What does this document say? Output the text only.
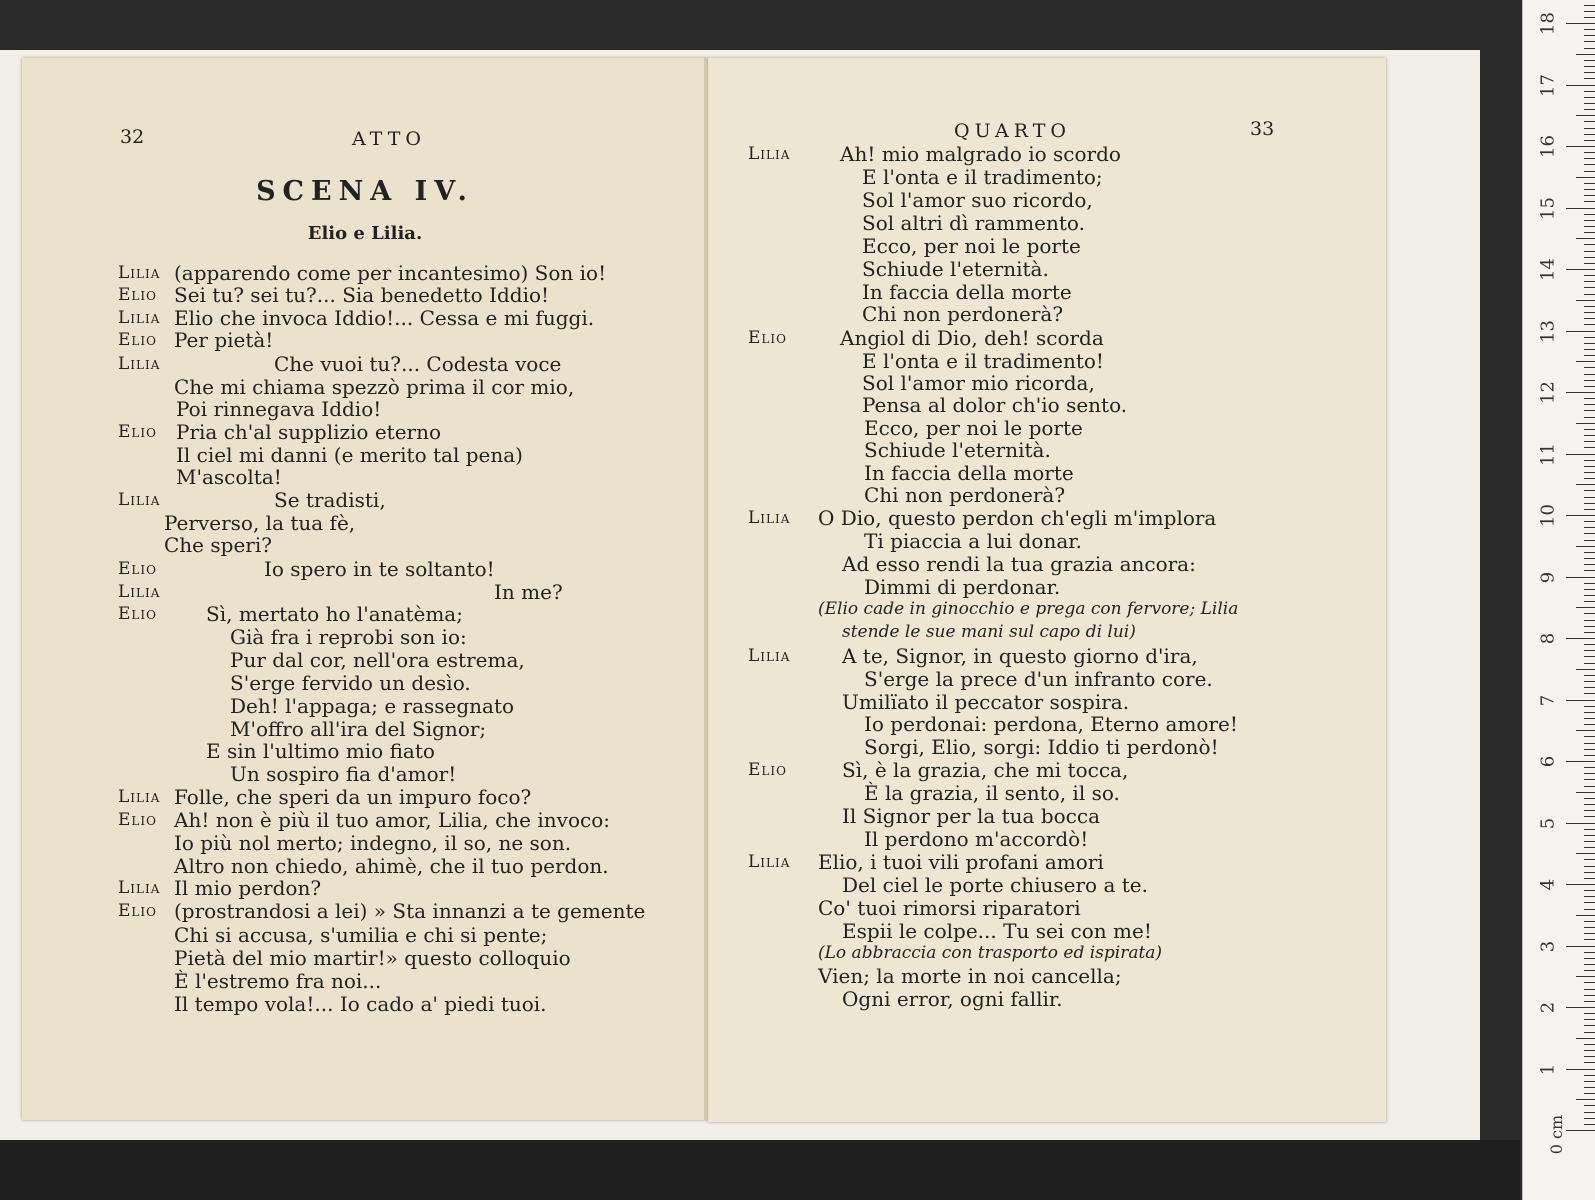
32	ATTO
SCENA IV.
Elio e Lilia.
Lilia (apparendo come per incantesimo) Son io!
Elio Sei tu? sei tu?... Sia benedetto Iddio!
Lilia Elio che invoca Iddio!... Cessa e mi fuggi.
Elio Per pietà!
Lilia	Che vuoi tu?... Codesta voce
Che mi chiama spezzò prima il cor mio,
Poi rinnegava Iddio!
Elio Pria ch'al supplizio eterno
Il ciel mi danni (e merito tal pena)
M'ascolta!
Lilia	Se tradisti,
Perverso, la tua fè,
Che speri?
Elio	Io spero in te soltanto!
Lilia	In me?
Elio Sì, mertato ho l'anatèma;
Già fra i reprobi son io:
Pur dal cor, nell'ora estrema,
S'erge fervido un desìo.
Deh! l'appaga; e rassegnato
M'offro all'ira del Signor;
E sin l'ultimo mio fiato
Un sospiro fia d'amor!
Lilia Folle, che speri da un impuro foco?
Elio Ah! non è più il tuo amor, Lilia, che invoco:
Io più nol merto; indegno, il so, ne son.
Altro non chiedo, ahimè, che il tuo perdon.
Lilia Il mio perdon?
Elio (prostrandosi a lei) » Sta innanzi a te gemente
Chi si accusa, s'umilia e chi si pente;
Pietà del mio martir!» questo colloquio
È l'estremo fra noi...
Il tempo vola!... Io cado a' piedi tuoi.
QUARTO	33
Lilia Ah! mio malgrado io scordo
E l'onta e il tradimento;
Sol l'amor suo ricordo,
Sol altri dì rammento.
Ecco, per noi le porte
Schiude l'eternità.
In faccia della morte
Chi non perdonerà?
Elio	Angiol di Dio, deh! scorda
E l'onta e il tradimento!
Sol l'amor mio ricorda,
Pensa al dolor ch'io sento.
Ecco, per noi le porte
Schiude l'eternità.
In faccia della morte
Chi non perdonerà?
Lilia O Dio, questo perdon ch'egli m'implora
Ti piaccia a lui donar.
Ad esso rendi la tua grazia ancora:
Dimmi di perdonar.
(Elio cade in ginocchio e prega con fervore; Lilia
stende le sue mani sul capo di lui)
Lilia	A te, Signor, in questo giorno d'ira,
S'erge la prece d'un infranto core.
Umilïato il peccator sospira.
Io perdonai: perdona, Eterno amore!
Sorgi, Elio, sorgi: Iddio ti perdonò!
Elio	Sì, è la grazia, che mi tocca,
È la grazia, il sento, il so.
Il Signor per la tua bocca
Il perdono m'accordò!
Lilia Elio, i tuoi vili profani amori
Del ciel le porte chiusero a te.
Co' tuoi rimorsi riparatori
Espii le colpe... Tu sei con me!
(Lo abbraccia con trasporto ed ispirata)
Vien; la morte in noi cancella;
Ogni error, ogni fallir.
0 cm
1
2
3
4
5
6
7
8
9
10
11
12
13
14
15
16
17
18
